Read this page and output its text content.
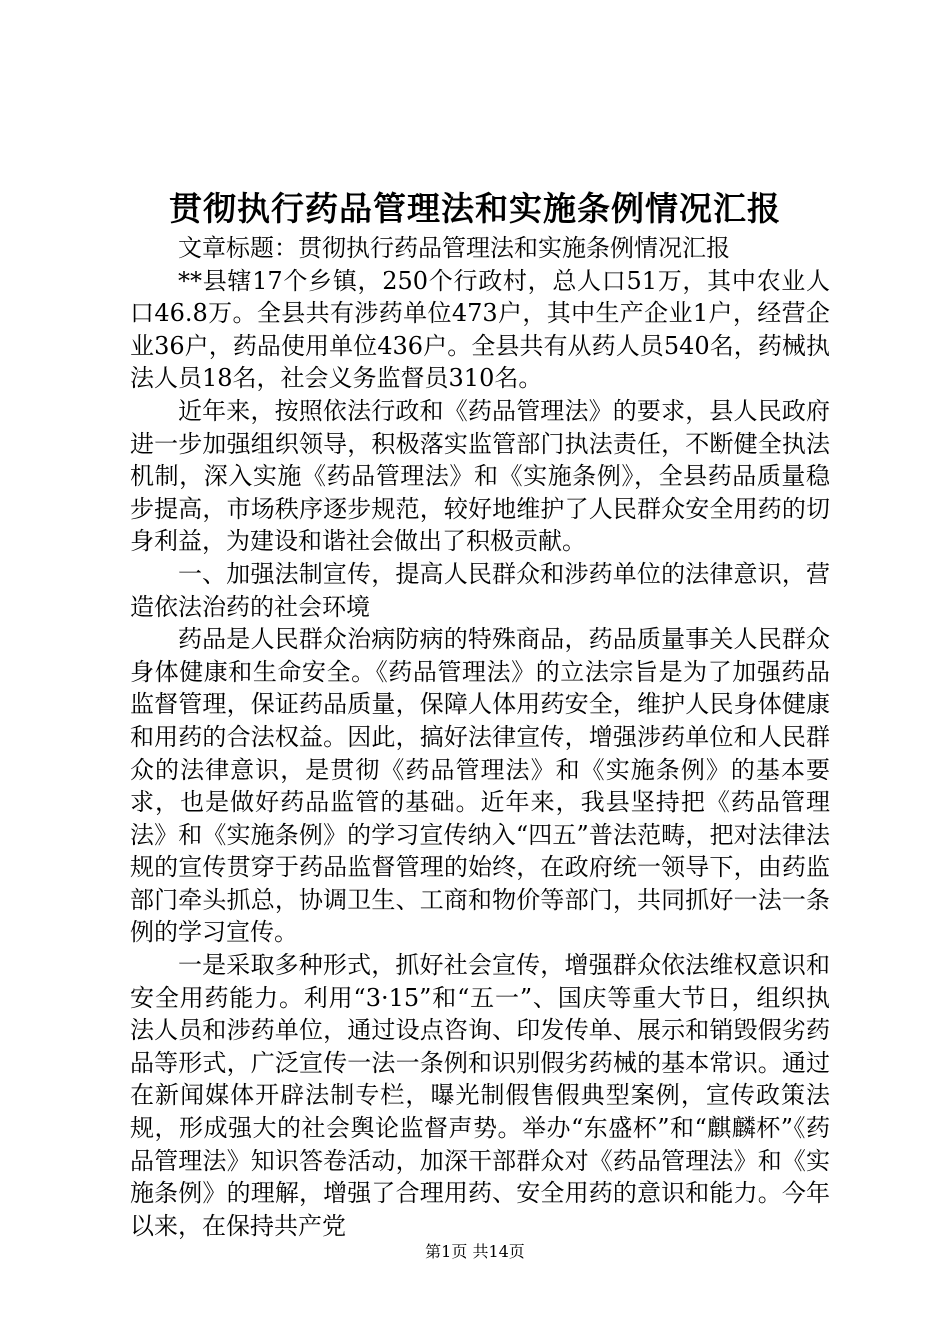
贯彻执行药品管理法和实施条例情况汇报

文章标题：贯彻执行药品管理法和实施条例情况汇报

**县辖17个乡镇，250个行政村，总人口51万，其中农业人口46.8万。全县共有涉药单位473户，其中生产企业1户，经营企业36户，药品使用单位436户。全县共有从药人员540名，药械执法人员18名，社会义务监督员310名。

近年来，按照依法行政和《药品管理法》的要求，县人民政府进一步加强组织领导，积极落实监管部门执法责任，不断健全执法机制，深入实施《药品管理法》和《实施条例》，全县药品质量稳步提高，市场秩序逐步规范，较好地维护了人民群众安全用药的切身利益，为建设和谐社会做出了积极贡献。

一、加强法制宣传，提高人民群众和涉药单位的法律意识，营造依法治药的社会环境

药品是人民群众治病防病的特殊商品，药品质量事关人民群众身体健康和生命安全。《药品管理法》的立法宗旨是为了加强药品监督管理，保证药品质量，保障人体用药安全，维护人民身体健康和用药的合法权益。因此，搞好法律宣传，增强涉药单位和人民群众的法律意识，是贯彻《药品管理法》和《实施条例》的基本要求，也是做好药品监管的基础。近年来，我县坚持把《药品管理法》和《实施条例》的学习宣传纳入“四五”普法范畴，把对法律法规的宣传贯穿于药品监督管理的始终，在政府统一领导下，由药监部门牵头抓总，协调卫生、工商和物价等部门，共同抓好一法一条例的学习宣传。

一是采取多种形式，抓好社会宣传，增强群众依法维权意识和安全用药能力。利用“3·15”和“五一”、国庆等重大节日，组织执法人员和涉药单位，通过设点咨询、印发传单、展示和销毁假劣药品等形式，广泛宣传一法一条例和识别假劣药械的基本常识。通过在新闻媒体开辟法制专栏，曝光制假售假典型案例，宣传政策法规，形成强大的社会舆论监督声势。举办“东盛杯”和“麒麟杯”《药品管理法》知识答卷活动，加深干部群众对《药品管理法》和《实施条例》的理解，增强了合理用药、安全用药的意识和能力。今年以来，在保持共产党

第1页 共14页
